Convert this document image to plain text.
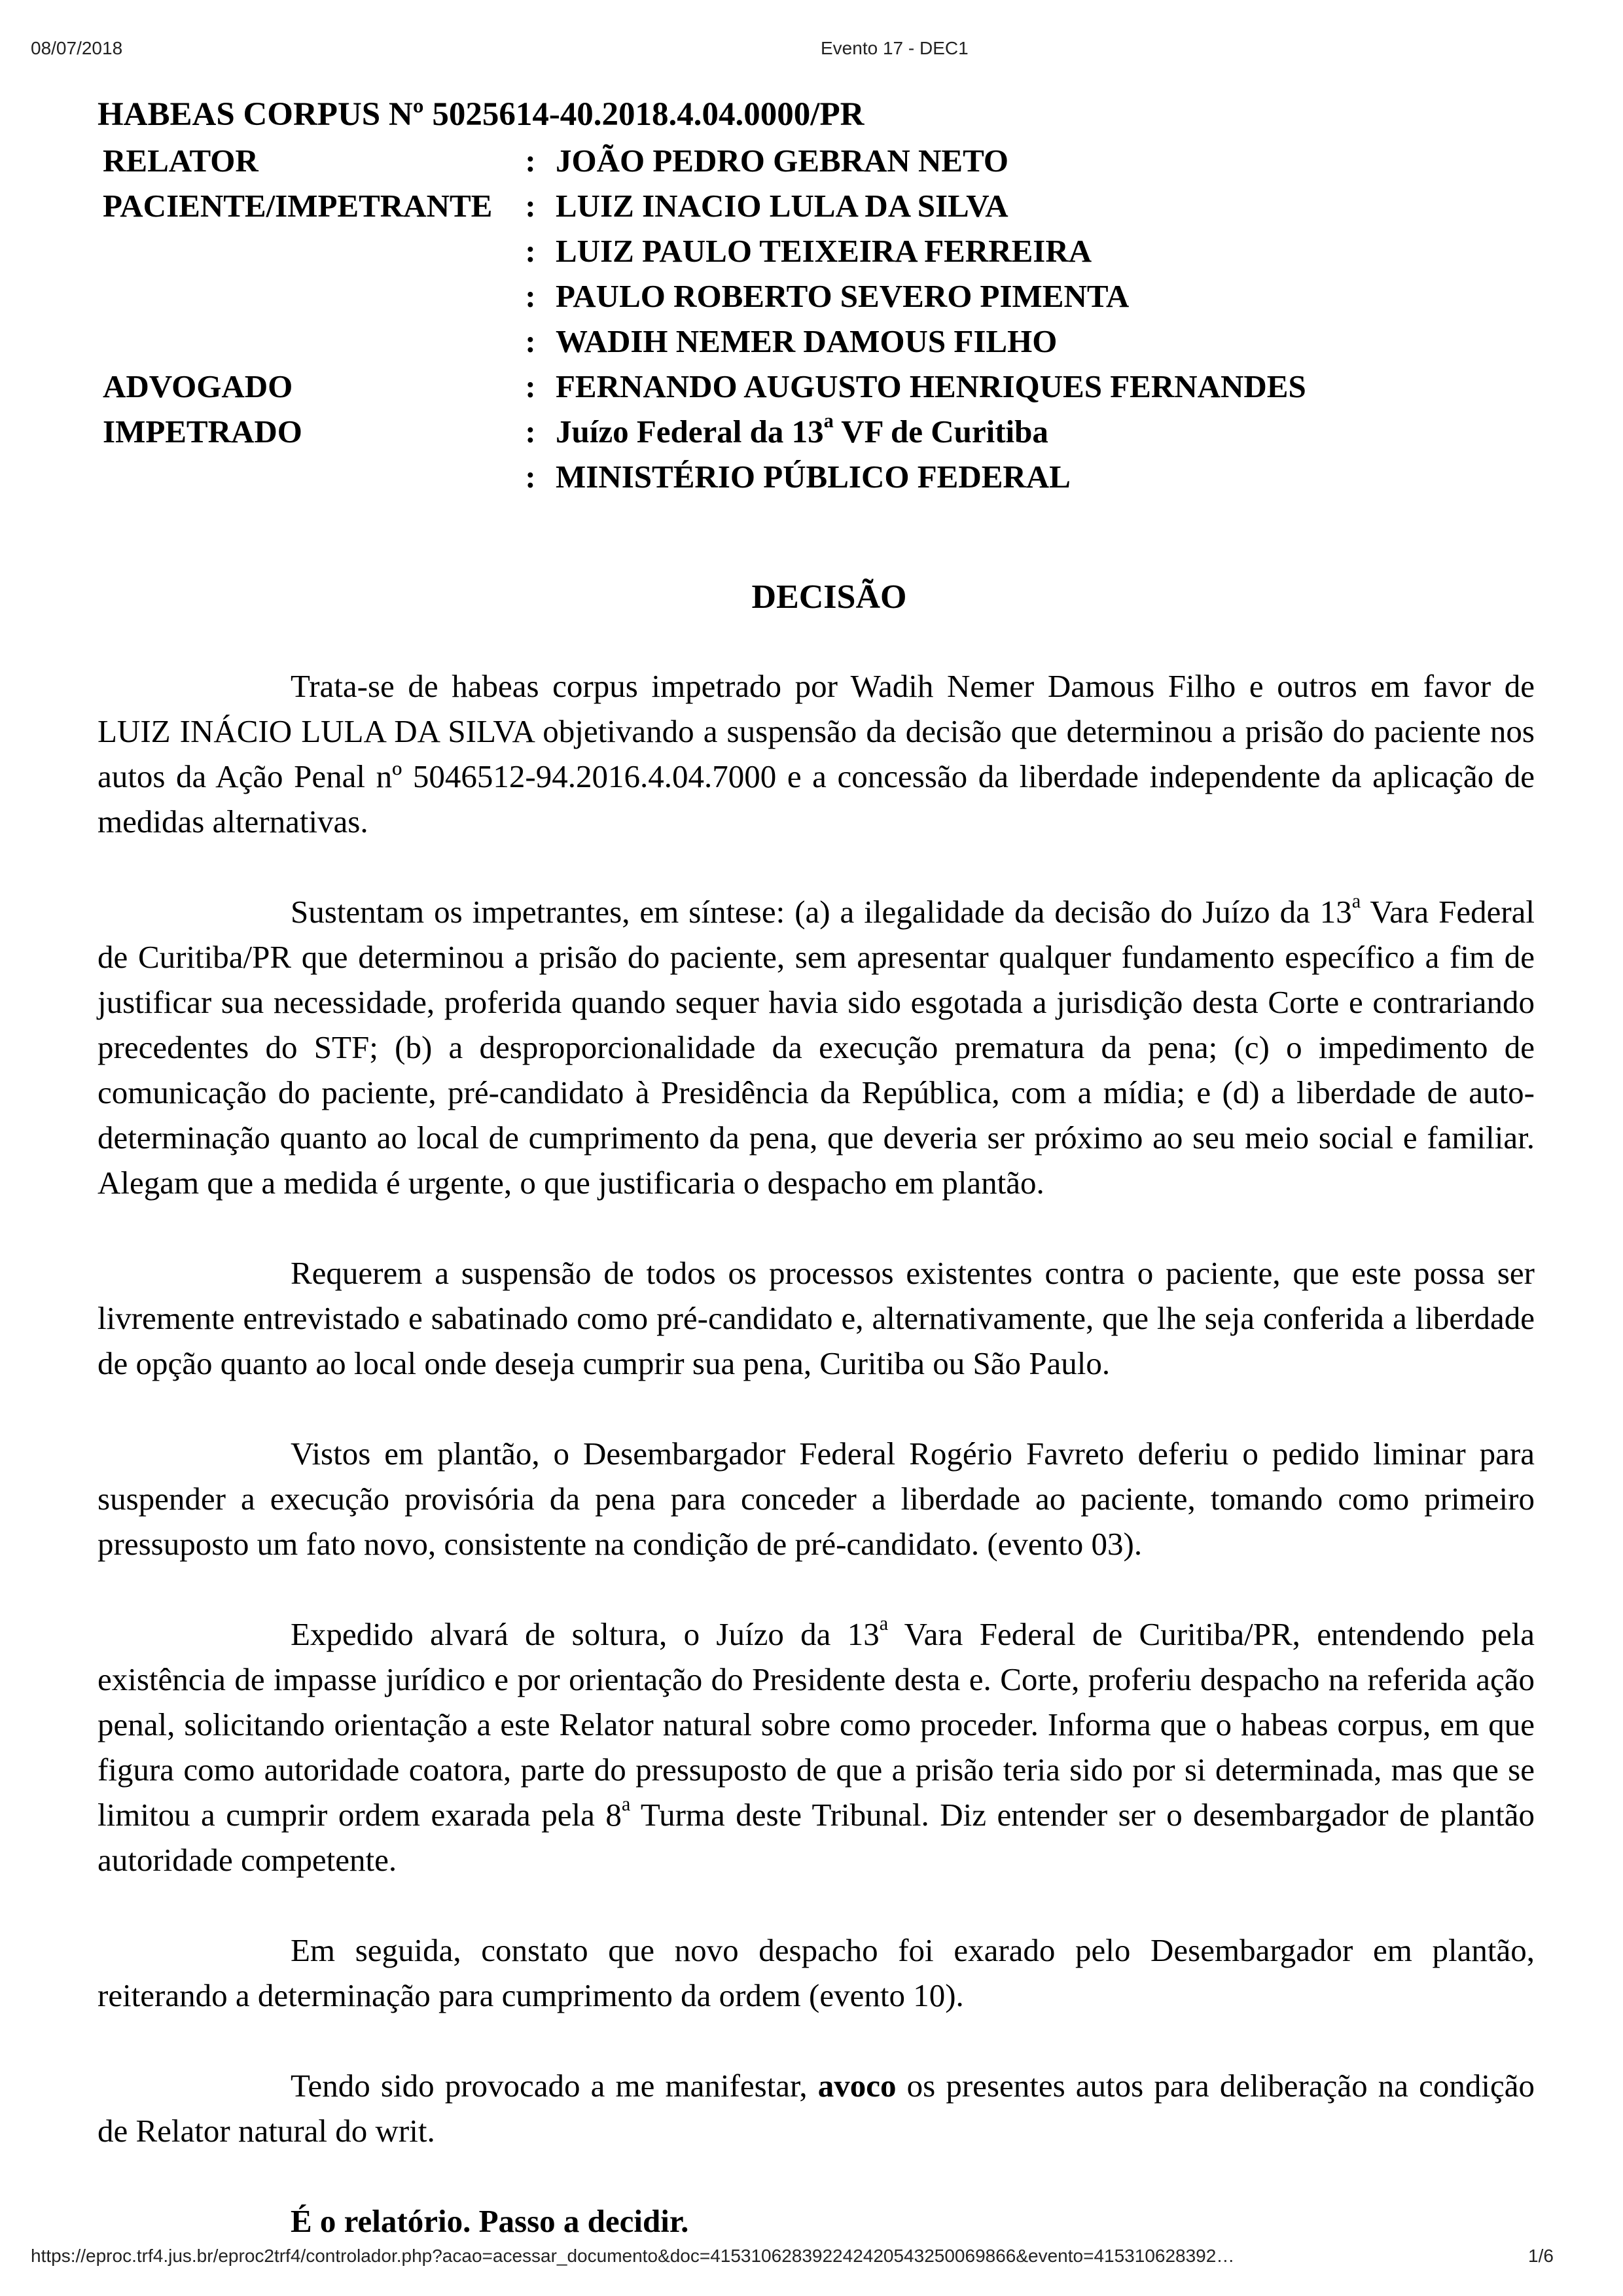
08/07/2018	Evento 17 - DEC1
HABEAS CORPUS Nº 5025614-40.2018.4.04.0000/PR
RELATOR	: JOÃO PEDRO GEBRAN NETO
PACIENTE/IMPETRANTE	: LUIZ INACIO LULA DA SILVA
: LUIZ PAULO TEIXEIRA FERREIRA
: PAULO ROBERTO SEVERO PIMENTA
: WADIH NEMER DAMOUS FILHO
ADVOGADO	: FERNANDO AUGUSTO HENRIQUES FERNANDES
IMPETRADO	: Juízo Federal da 13$^a$ VF de Curitiba
: MINISTÉRIO PÚBLICO FEDERAL
DECISÃO

Trata-se de habeas corpus impetrado por Wadih Nemer Damous Filho e outros em favor de LUIZ INÁCIO LULA DA SILVA objetivando a suspensão da decisão que determinou a prisão do paciente nos autos da Ação Penal nº 5046512-94.2016.4.04.7000 e a concessão da liberdade independente da aplicação de medidas alternativas.

Sustentam os impetrantes, em síntese: (a) a ilegalidade da decisão do Juízo da 13$^a$ Vara Federal de Curitiba/PR que determinou a prisão do paciente, sem apresentar qualquer fundamento específico a fim de justificar sua necessidade, proferida quando sequer havia sido esgotada a jurisdição desta Corte e contrariando precedentes do STF; (b) a desproporcionalidade da execução prematura da pena; (c) o impedimento de comunicação do paciente, pré-candidato à Presidência da República, com a mídia; e (d) a liberdade de auto-determinação quanto ao local de cumprimento da pena, que deveria ser próximo ao seu meio social e familiar. Alegam que a medida é urgente, o que justificaria o despacho em plantão.

Requerem a suspensão de todos os processos existentes contra o paciente, que este possa ser livremente entrevistado e sabatinado como pré-candidato e, alternativamente, que lhe seja conferida a liberdade de opção quanto ao local onde deseja cumprir sua pena, Curitiba ou São Paulo.

Vistos em plantão, o Desembargador Federal Rogério Favreto deferiu o pedido liminar para suspender a execução provisória da pena para conceder a liberdade ao paciente, tomando como primeiro pressuposto um fato novo, consistente na condição de pré-candidato. (evento 03).

Expedido alvará de soltura, o Juízo da 13$^a$ Vara Federal de Curitiba/PR, entendendo pela existência de impasse jurídico e por orientação do Presidente desta e. Corte, proferiu despacho na referida ação penal, solicitando orientação a este Relator natural sobre como proceder. Informa que o habeas corpus, em que figura como autoridade coatora, parte do pressuposto de que a prisão teria sido por si determinada, mas que se limitou a cumprir ordem exarada pela 8$^a$ Turma deste Tribunal. Diz entender ser o desembargador de plantão autoridade competente.

Em seguida, constato que novo despacho foi exarado pelo Desembargador em plantão, reiterando a determinação para cumprimento da ordem (evento 10).

Tendo sido provocado a me manifestar, avoco os presentes autos para deliberação na condição de Relator natural do writ.

É o relatório. Passo a decidir.
https://eproc.trf4.jus.br/eproc2trf4/controlador.php?acao=acessar_documento&doc=415310628392242420543250069866&evento=415310628392…	1/6
